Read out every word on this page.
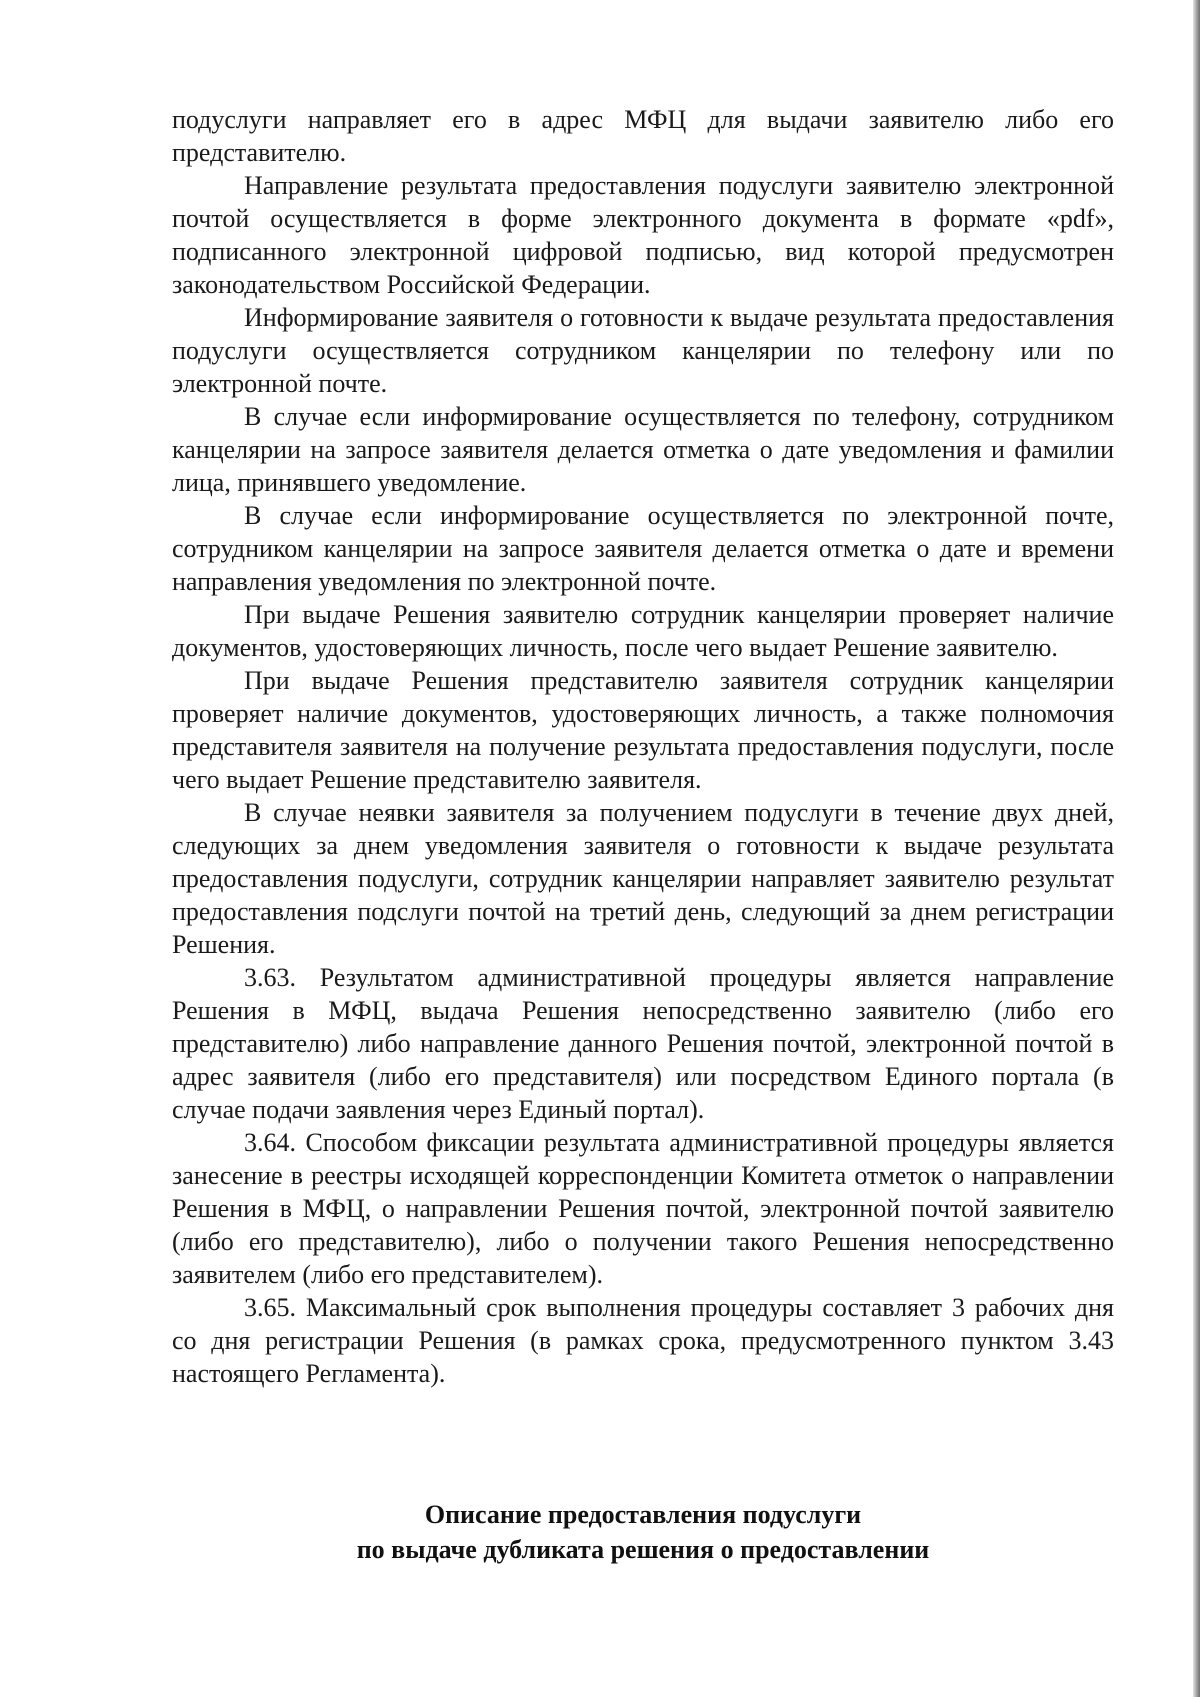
подуслуги направляет его в адрес МФЦ для выдачи заявителю либо его представителю.

Направление результата предоставления подуслуги заявителю электронной почтой осуществляется в форме электронного документа в формате «pdf», подписанного электронной цифровой подписью, вид которой предусмотрен законодательством Российской Федерации.

Информирование заявителя о готовности к выдаче результата предоставления подуслуги осуществляется сотрудником канцелярии по телефону или по электронной почте.

В случае если информирование осуществляется по телефону, сотрудником канцелярии на запросе заявителя делается отметка о дате уведомления и фамилии лица, принявшего уведомление.

В случае если информирование осуществляется по электронной почте, сотрудником канцелярии на запросе заявителя делается отметка о дате и времени направления уведомления по электронной почте.

При выдаче Решения заявителю сотрудник канцелярии проверяет наличие документов, удостоверяющих личность, после чего выдает Решение заявителю.

При выдаче Решения представителю заявителя сотрудник канцелярии проверяет наличие документов, удостоверяющих личность, а также полномочия представителя заявителя на получение результата предоставления подуслуги, после чего выдает Решение представителю заявителя.

В случае неявки заявителя за получением подуслуги в течение двух дней, следующих за днем уведомления заявителя о готовности к выдаче результата предоставления подуслуги, сотрудник канцелярии направляет заявителю результат предоставления подслуги почтой на третий день, следующий за днем регистрации Решения.

3.63. Результатом административной процедуры является направление Решения в МФЦ, выдача Решения непосредственно заявителю (либо его представителю) либо направление данного Решения почтой, электронной почтой в адрес заявителя (либо его представителя) или посредством Единого портала (в случае подачи заявления через Единый портал).

3.64. Способом фиксации результата административной процедуры является занесение в реестры исходящей корреспонденции Комитета отметок о направлении Решения в МФЦ, о направлении Решения почтой, электронной почтой заявителю (либо его представителю), либо о получении такого Решения непосредственно заявителем (либо его представителем).

3.65. Максимальный срок выполнения процедуры составляет 3 рабочих дня со дня регистрации Решения (в рамках срока, предусмотренного пунктом 3.43 настоящего Регламента).

Описание предоставления подуслуги
по выдаче дубликата решения о предоставлении
